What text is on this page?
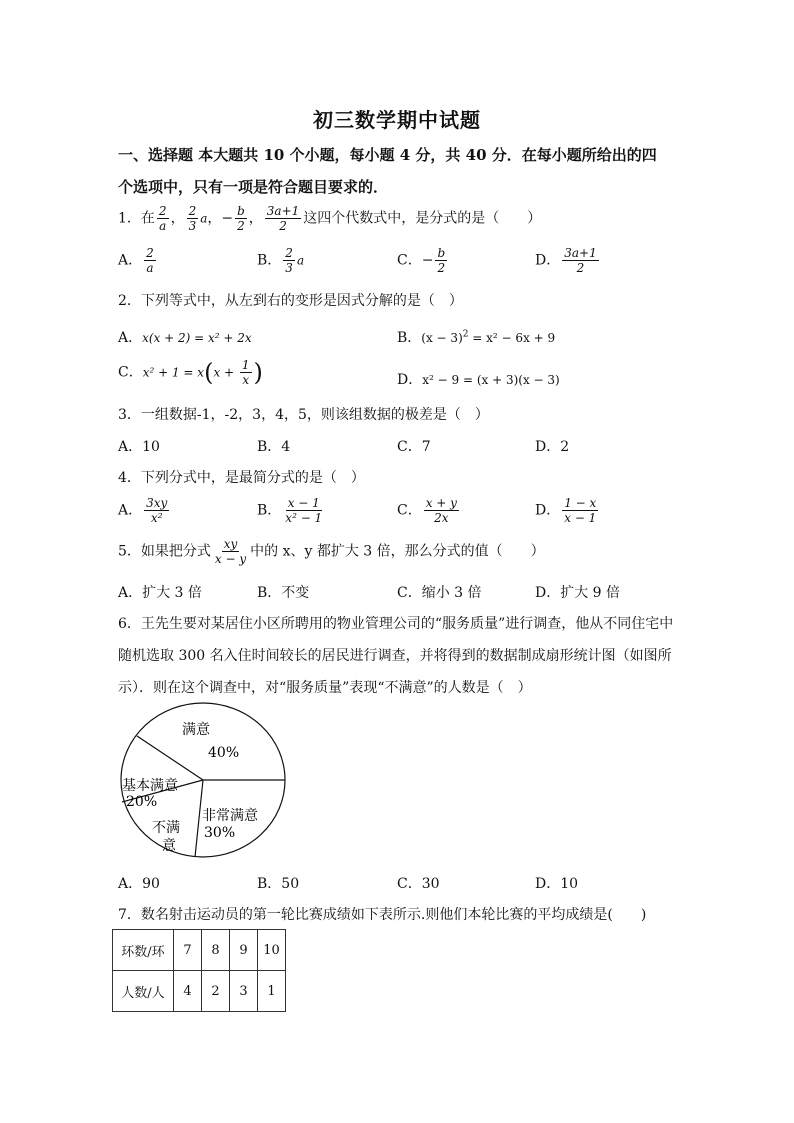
初三数学期中试题
一、选择题 本大题共 10 个小题，每小题 4 分，共 40 分．在每小题所给出的四
个选项中，只有一项是符合题目要求的．
1．在 $\frac{2}{a}$ ， $\frac{2}{3}$ a，− $\frac{b}{2}$ ， $\frac{3a+1}{2}$ 这四个代数式中，是分式的是（　　）
A． $\frac{2}{a}$	B． $\frac{2}{3}$ a	C．− $\frac{b}{2}$	D． $\frac{3a+1}{2}$
2．下列等式中，从左到右的变形是因式分解的是（　）
A．x(x + 2) = x² + 2x	B．$(x - 3)^2 = x^2 - 6x + 9$
C．$x^2 + 1 = x(x + \frac{1}{x}$ )	D．x² − 9 = (x + 3)(x − 3)
3．一组数据-1，-2，3，4，5，则该组数据的极差是（　）
A．10	B．4	C．7	D．2
4．下列分式中，是最简分式的是（　）
A． $\frac{3xy}{\text{x²}}$	B． $\frac{x - 1}{\text{x² − 1}}$	C． $\frac{x + y}{2x}$	D． $\frac{1 - x}{x - 1}$
5．如果把分式 $\frac{xy}{x - y}$ 中的 x、y 都扩大 3 倍，那么分式的值（　　）
A．扩大 3 倍	B．不变	C．缩小 3 倍	D．扩大 9 倍
6．王先生要对某居住小区所聘用的物业管理公司的“服务质量”进行调查，他从不同住宅中
随机选取 300 名入住时间较长的居民进行调查，并将得到的数据制成扇形统计图（如图所
示）．则在这个调查中，对“服务质量”表现“不满意”的人数是（　）
满意
40%
基本满意
20%
不满
意
非常满意
30%
A．90	B．50	C．30	D．10
7．数名射击运动员的第一轮比赛成绩如下表所示.则他们本轮比赛的平均成绩是(　　)
环数/环	7	8	9	10
人数/人	4	2	3	1
